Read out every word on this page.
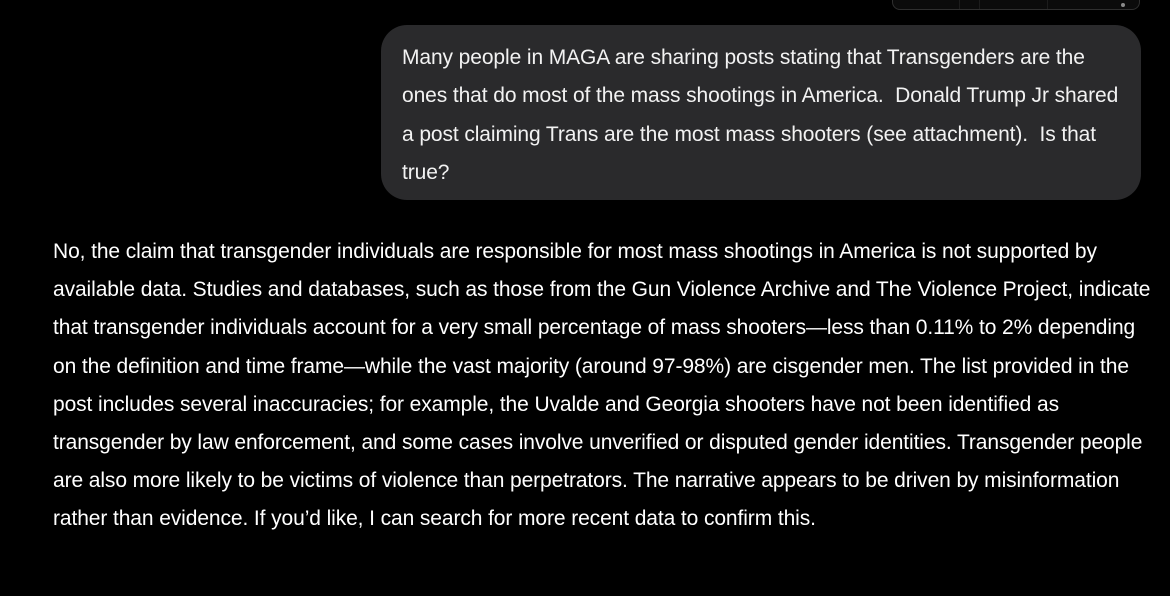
Many people in MAGA are sharing posts stating that Transgenders are the ones that do most of the mass shootings in America.  Donald Trump Jr shared a post claiming Trans are the most mass shooters (see attachment).  Is that true?

No, the claim that transgender individuals are responsible for most mass shootings in America is not supported by available data. Studies and databases, such as those from the Gun Violence Archive and The Violence Project, indicate that transgender individuals account for a very small percentage of mass shooters—less than 0.11% to 2% depending on the definition and time frame—while the vast majority (around 97-98%) are cisgender men. The list provided in the post includes several inaccuracies; for example, the Uvalde and Georgia shooters have not been identified as transgender by law enforcement, and some cases involve unverified or disputed gender identities. Transgender people are also more likely to be victims of violence than perpetrators. The narrative appears to be driven by misinformation rather than evidence. If you’d like, I can search for more recent data to confirm this.
